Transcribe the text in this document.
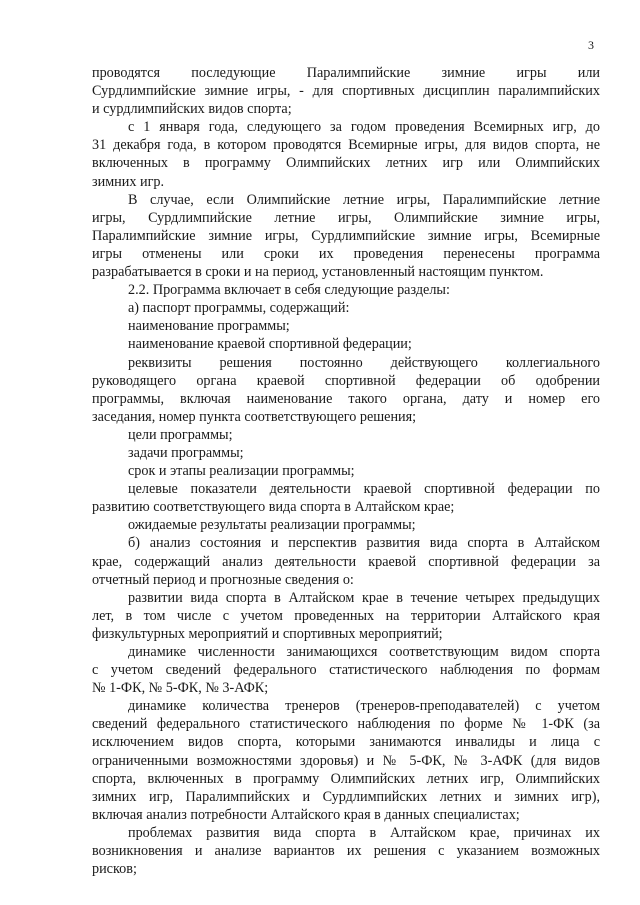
3
проводятся последующие Паралимпийские зимние игры или
Сурдлимпийские зимние игры, - для спортивных дисциплин паралимпийских
и сурдлимпийских видов спорта;
с 1 января года, следующего за годом проведения Всемирных игр, до
31 декабря года, в котором проводятся Всемирные игры, для видов спорта, не
включенных в программу Олимпийских летних игр или Олимпийских
зимних игр.
В случае, если Олимпийские летние игры, Паралимпийские летние
игры, Сурдлимпийские летние игры, Олимпийские зимние игры,
Паралимпийские зимние игры, Сурдлимпийские зимние игры, Всемирные
игры отменены или сроки их проведения перенесены программа
разрабатывается в сроки и на период, установленный настоящим пунктом.
2.2. Программа включает в себя следующие разделы:
а) паспорт программы, содержащий:
наименование программы;
наименование краевой спортивной федерации;
реквизиты решения постоянно действующего коллегиального
руководящего органа краевой спортивной федерации об одобрении
программы, включая наименование такого органа, дату и номер его
заседания, номер пункта соответствующего решения;
цели программы;
задачи программы;
срок и этапы реализации программы;
целевые показатели деятельности краевой спортивной федерации по
развитию соответствующего вида спорта в Алтайском крае;
ожидаемые результаты реализации программы;
б) анализ состояния и перспектив развития вида спорта в Алтайском
крае, содержащий анализ деятельности краевой спортивной федерации за
отчетный период и прогнозные сведения о:
развитии вида спорта в Алтайском крае в течение четырех предыдущих
лет, в том числе с учетом проведенных на территории Алтайского края
физкультурных мероприятий и спортивных мероприятий;
динамике численности занимающихся соответствующим видом спорта
с учетом сведений федерального статистического наблюдения по формам
№ 1-ФК, № 5-ФК, № 3-АФК;
динамике количества тренеров (тренеров-преподавателей) с учетом
сведений федерального статистического наблюдения по форме № 1-ФК (за
исключением видов спорта, которыми занимаются инвалиды и лица с
ограниченными возможностями здоровья) и № 5-ФК, № 3-АФК (для видов
спорта, включенных в программу Олимпийских летних игр, Олимпийских
зимних игр, Паралимпийских и Сурдлимпийских летних и зимних игр),
включая анализ потребности Алтайского края в данных специалистах;
проблемах развития вида спорта в Алтайском крае, причинах их
возникновения и анализе вариантов их решения с указанием возможных
рисков;
